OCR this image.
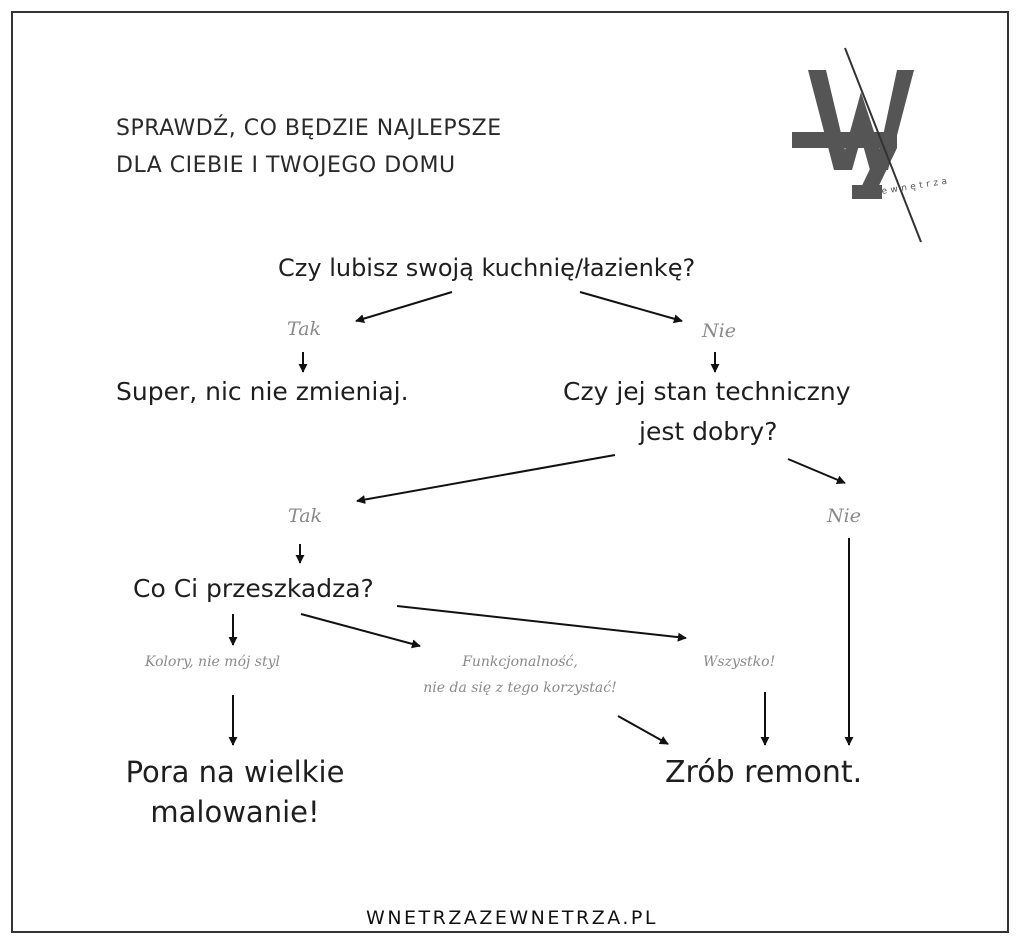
ewnętrza
SPRAWDŹ, CO BĘDZIE NAJLEPSZE
DLA CIEBIE I TWOJEGO DOMU
Czy lubisz swoją kuchnię/łazienkę?
Tak	Nie
Super, nic nie zmieniaj.	Czy jej stan techniczny
jest dobry?
Tak	Nie
Co Ci przeszkadza?
Kolory, nie mój styl	Funkcjonalność,
nie da się z tego korzystać!
Wszystko!
Pora na wielkie
malowanie!
Zrób remont.
WNETRZAZEWNETRZA.PL
